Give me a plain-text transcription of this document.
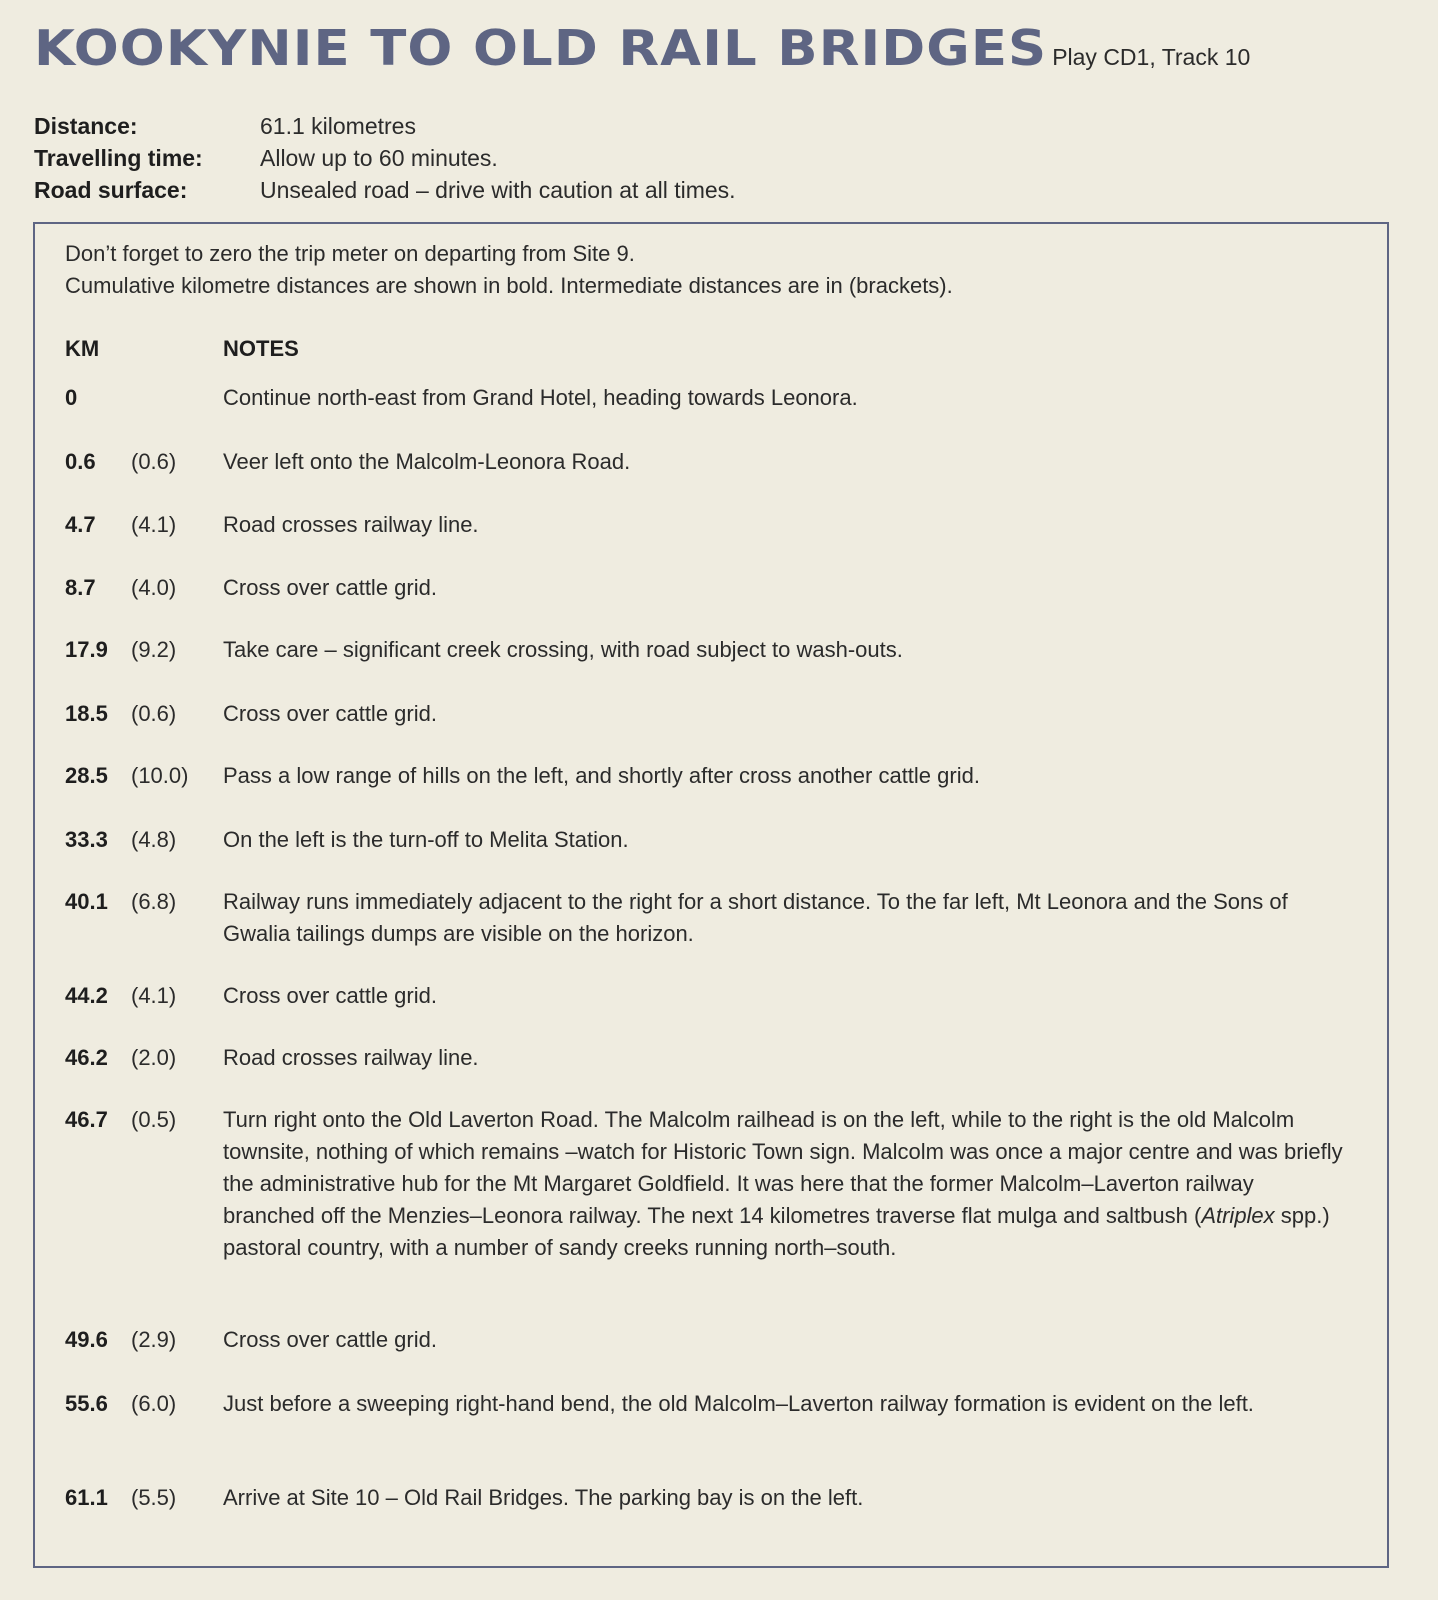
KOOKYNIE TO OLD RAIL BRIDGES Play CD1, Track 10
Distance:	61.1 kilometres
Travelling time:	Allow up to 60 minutes.
Road surface:	Unsealed road – drive with caution at all times.
Don’t forget to zero the trip meter on departing from Site 9.
Cumulative kilometre distances are shown in bold. Intermediate distances are in (brackets).
KM	NOTES
0	Continue north-east from Grand Hotel, heading towards Leonora.
0.6 (0.6) Veer left onto the Malcolm-Leonora Road.
4.7 (4.1) Road crosses railway line.
8.7 (4.0) Cross over cattle grid.
17.9 (9.2) Take care – significant creek crossing, with road subject to wash-outs.
18.5 (0.6) Cross over cattle grid.
28.5 (10.0) Pass a low range of hills on the left, and shortly after cross another cattle grid.
33.3 (4.8) On the left is the turn-off to Melita Station.
40.1 (6.8) Railway runs immediately adjacent to the right for a short distance. To the far left, Mt Leonora and the Sons of Gwalia tailings dumps are visible on the horizon.
44.2 (4.1) Cross over cattle grid.
46.2 (2.0) Road crosses railway line.
46.7 (0.5) Turn right onto the Old Laverton Road. The Malcolm railhead is on the left, while to the right is the old Malcolm townsite, nothing of which remains –watch for Historic Town sign. Malcolm was once a major centre and was briefly the administrative hub for the Mt Margaret Goldfield. It was here that the former Malcolm–Laverton railway branched off the Menzies–Leonora railway. The next 14 kilometres traverse flat mulga and saltbush (Atriplex spp.) pastoral country, with a number of sandy creeks running north–south.
49.6 (2.9) Cross over cattle grid.
55.6 (6.0) Just before a sweeping right-hand bend, the old Malcolm–Laverton railway formation is evident on the left.
61.1 (5.5) Arrive at Site 10 – Old Rail Bridges. The parking bay is on the left.
